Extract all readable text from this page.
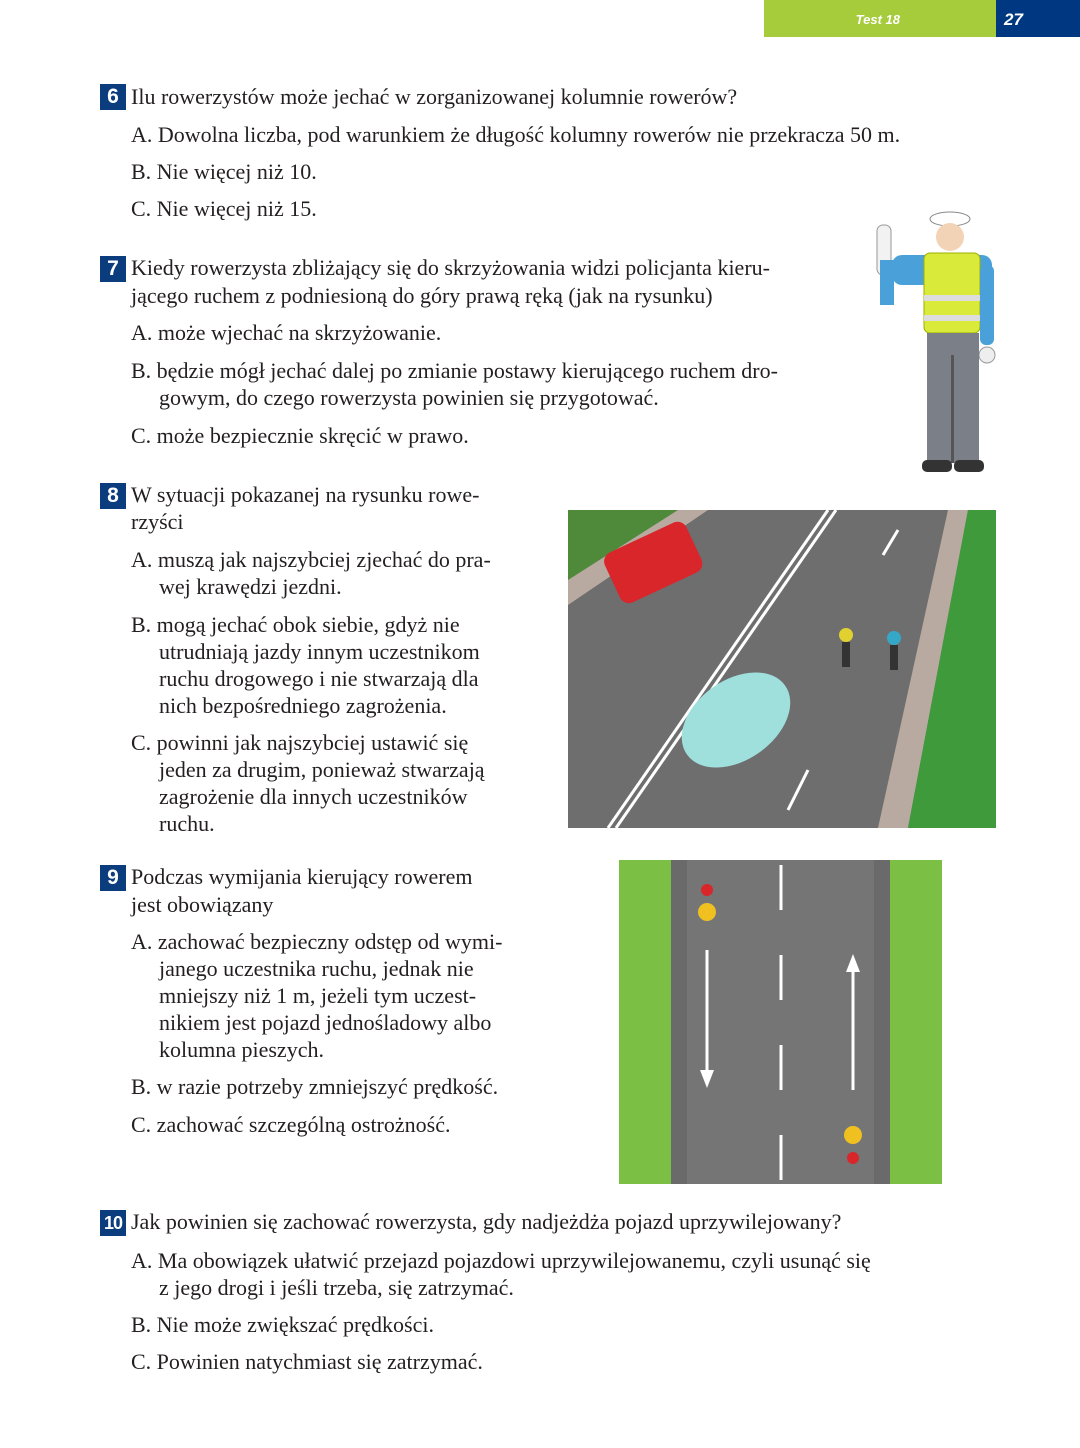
Test 18	27
6 Ilu rowerzystów może jechać w zorganizowanej kolumnie rowerów?
A. Dowolna liczba, pod warunkiem że długość kolumny rowerów nie przekracza 50 m.
B. Nie więcej niż 10.
C. Nie więcej niż 15.
7 Kiedy rowerzysta zbliżający się do skrzyżowania widzi policjanta kieru-
jącego ruchem z podniesioną do góry prawą ręką (jak na rysunku)
A. może wjechać na skrzyżowanie.
B. będzie mógł jechać dalej po zmianie postawy kierującego ruchem dro-
gowym, do czego rowerzysta powinien się przygotować.
C. może bezpiecznie skręcić w prawo.
8 W sytuacji pokazanej na rysunku rowe-
rzyści
A. muszą jak najszybciej zjechać do pra-
wej krawędzi jezdni.
B. mogą jechać obok siebie, gdyż nie
utrudniają jazdy innym uczestnikom
ruchu drogowego i nie stwarzają dla
nich bezpośredniego zagrożenia.
C. powinni jak najszybciej ustawić się
jeden za drugim, ponieważ stwarzają
zagrożenie dla innych uczestników
ruchu.
9 Podczas wymijania kierujący rowerem
jest obowiązany
A. zachować bezpieczny odstęp od wymi-
janego uczestnika ruchu, jednak nie
mniejszy niż 1 m, jeżeli tym uczest-
nikiem jest pojazd jednośladowy albo
kolumna pieszych.
B. w razie potrzeby zmniejszyć prędkość.
C. zachować szczególną ostrożność.
10 Jak powinien się zachować rowerzysta, gdy nadjeżdża pojazd uprzywilejowany?
A. Ma obowiązek ułatwić przejazd pojazdowi uprzywilejowanemu, czyli usunąć się
z jego drogi i jeśli trzeba, się zatrzymać.
B. Nie może zwiększać prędkości.
C. Powinien natychmiast się zatrzymać.
